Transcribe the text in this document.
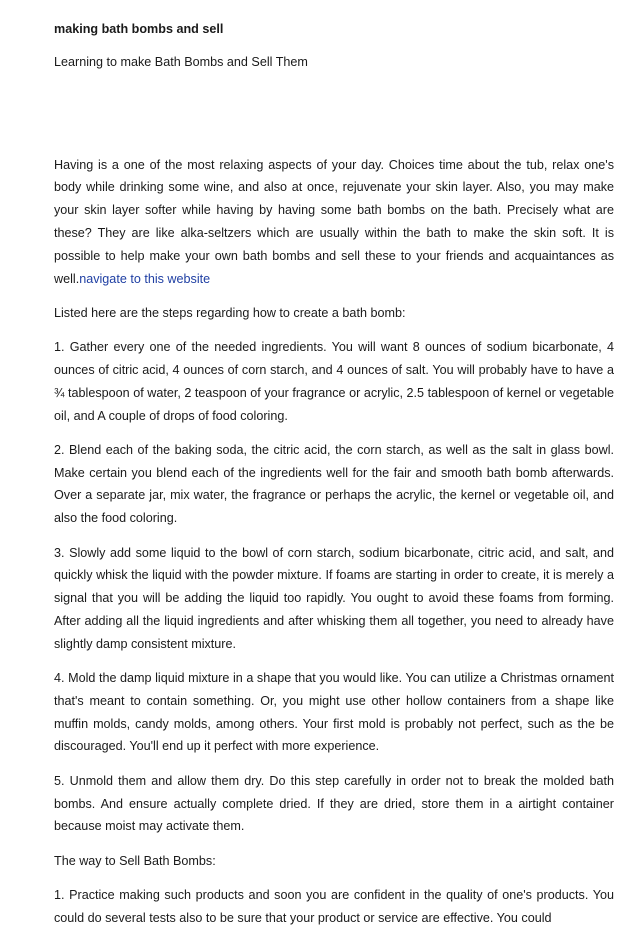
making bath bombs and sell

Learning to make Bath Bombs and Sell Them

Having is a one of the most relaxing aspects of your day. Choices time about the tub, relax one's body while drinking some wine, and also at once, rejuvenate your skin layer. Also, you may make your skin layer softer while having by having some bath bombs on the bath. Precisely what are these? They are like alka-seltzers which are usually within the bath to make the skin soft. It is possible to help make your own bath bombs and sell these to your friends and acquaintances as well.navigate to this website

Listed here are the steps regarding how to create a bath bomb:

1. Gather every one of the needed ingredients. You will want 8 ounces of sodium bicarbonate, 4 ounces of citric acid, 4 ounces of corn starch, and 4 ounces of salt. You will probably have to have a ¾ tablespoon of water, 2 teaspoon of your fragrance or acrylic, 2.5 tablespoon of kernel or vegetable oil, and A couple of drops of food coloring.

2. Blend each of the baking soda, the citric acid, the corn starch, as well as the salt in glass bowl. Make certain you blend each of the ingredients well for the fair and smooth bath bomb afterwards. Over a separate jar, mix water, the fragrance or perhaps the acrylic, the kernel or vegetable oil, and also the food coloring.

3. Slowly add some liquid to the bowl of corn starch, sodium bicarbonate, citric acid, and salt, and quickly whisk the liquid with the powder mixture. If foams are starting in order to create, it is merely a signal that you will be adding the liquid too rapidly. You ought to avoid these foams from forming. After adding all the liquid ingredients and after whisking them all together, you need to already have slightly damp consistent mixture.

4. Mold the damp liquid mixture in a shape that you would like. You can utilize a Christmas ornament that's meant to contain something. Or, you might use other hollow containers from a shape like muffin molds, candy molds, among others. Your first mold is probably not perfect, such as the be discouraged. You'll end up it perfect with more experience.

5. Unmold them and allow them dry. Do this step carefully in order not to break the molded bath bombs. And ensure actually complete dried. If they are dried, store them in a airtight container because moist may activate them.

The way to Sell Bath Bombs:

1. Practice making such products and soon you are confident in the quality of one's products. You could do several tests also to be sure that your product or service are effective. You could
